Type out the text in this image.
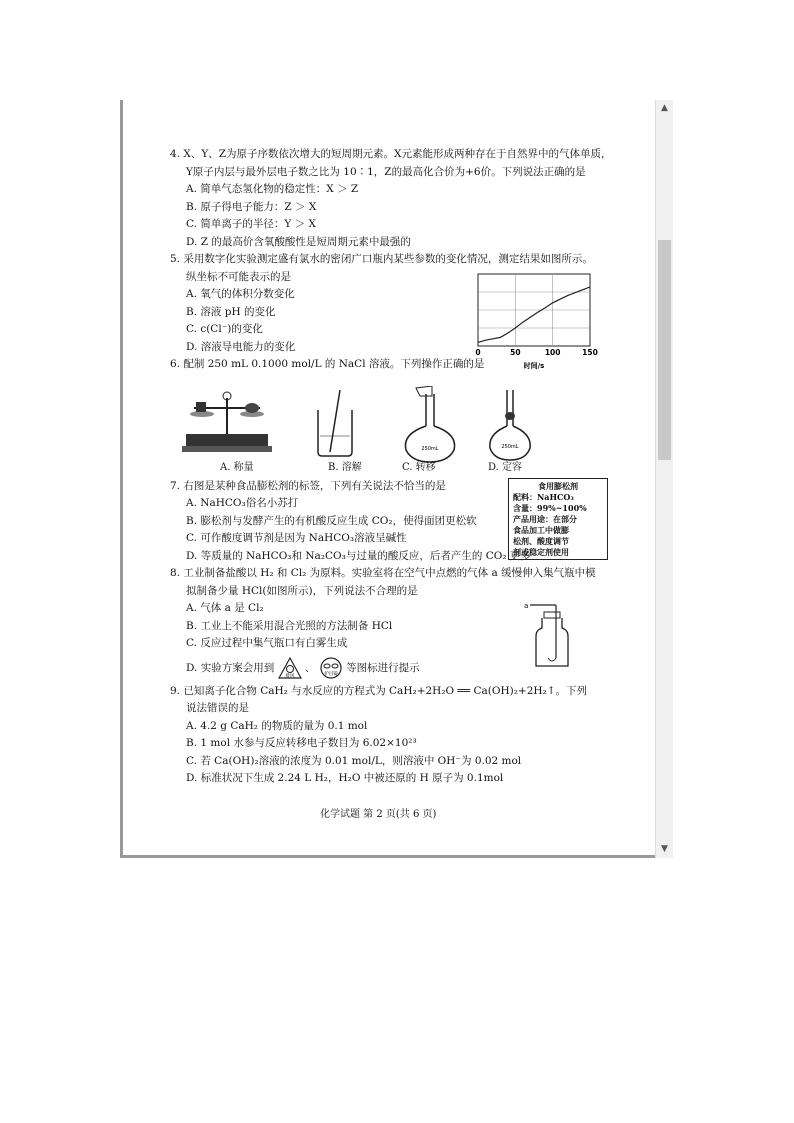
▲
▼
4. X、Y、Z为原子序数依次增大的短周期元素。X元素能形成两种存在于自然界中的气体单质，
Y原子内层与最外层电子数之比为 10∶1，Z的最高化合价为+6价。下列说法正确的是
A. 简单气态氢化物的稳定性：X ＞ Z
B. 原子得电子能力：Z ＞ X
C. 简单离子的半径：Y ＞ X
D. Z 的最高价含氧酸酸性是短周期元素中最强的
5. 采用数字化实验测定盛有氯水的密闭广口瓶内某些参数的变化情况，测定结果如图所示。
纵坐标不可能表示的是
A. 氧气的体积分数变化
B. 溶液 pH 的变化
C. c(Cl⁻)的变化
D. 溶液导电能力的变化
6. 配制 250 mL 0.1000 mol/L 的 NaCl 溶液。下列操作正确的是
7. 右图是某种食品膨松剂的标签，下列有关说法不恰当的是
A. NaHCO₃俗名小苏打
B. 膨松剂与发酵产生的有机酸反应生成 CO₂，使得面团更松软
C. 可作酸度调节剂是因为 NaHCO₃溶液呈碱性
D. 等质量的 NaHCO₃和 Na₂CO₃与过量的酸反应，后者产生的 CO₂ 更多
8. 工业制备盐酸以 H₂ 和 Cl₂ 为原料。实验室将在空气中点燃的气体 a 缓慢伸入集气瓶中模
拟制备少量 HCl(如图所示)，下列说法不合理的是
A. 气体 a 是 Cl₂
B. 工业上不能采用混合光照的方法制备 HCl
C. 反应过程中集气瓶口有白雾生成
D. 实验方案会用到
排风
、
护目镜
等图标进行提示
9. 已知离子化合物 CaH₂ 与水反应的方程式为 CaH₂+2H₂O ══ Ca(OH)₂+2H₂↑。下列
说法错误的是
A. 4.2 g CaH₂ 的物质的量为 0.1 mol
B. 1 mol 水参与反应转移电子数目为 6.02×10²³
C. 若 Ca(OH)₂溶液的浓度为 0.01 mol/L，则溶液中 OH⁻为 0.02 mol
D. 标准状况下生成 2.24 L H₂，H₂O 中被还原的 H 原子为 0.1mol
0	50	100	150
时间/s
250mL	250mL
A. 称量	B. 溶解	C. 转移	D. 定容
食用膨松剂
配料：NaHCO₃
含量：99%~100%
产品用途：在部分
食品加工中做膨
松剂、酸度调节
剂或稳定剂使用
a
化学试题 第 2 页(共 6 页)
